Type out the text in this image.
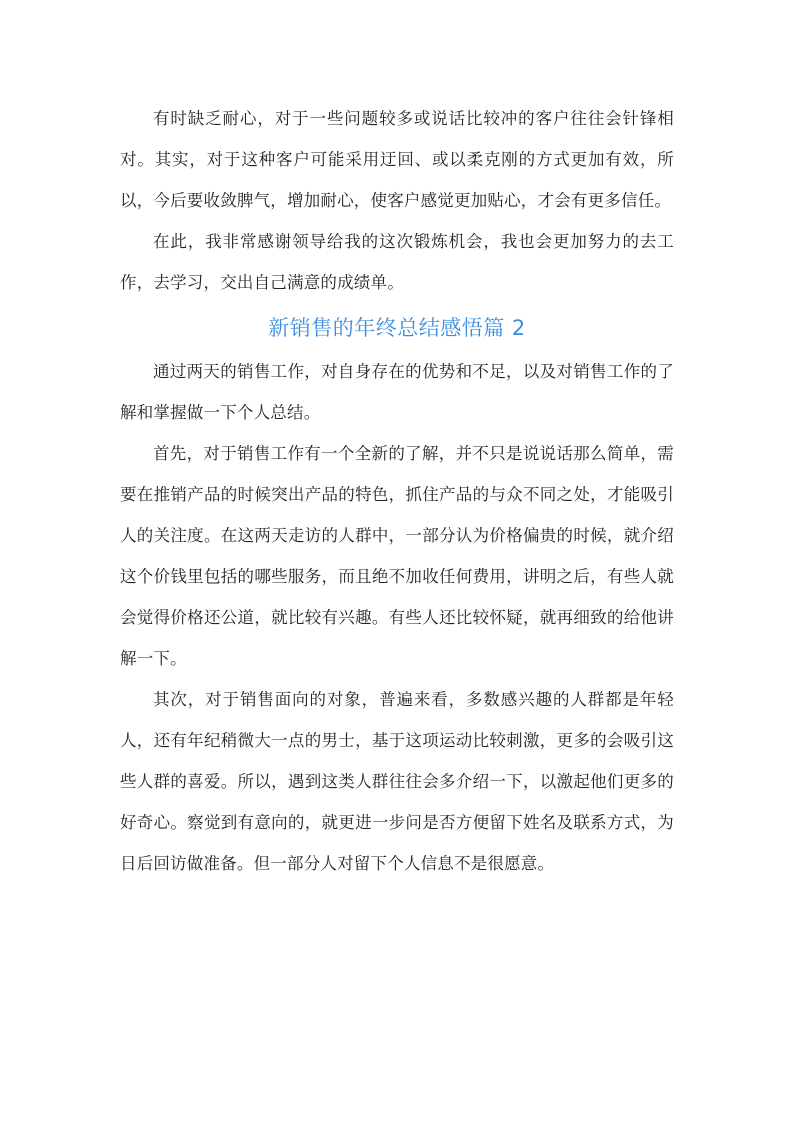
有时缺乏耐心，对于一些问题较多或说话比较冲的客户往往会针锋相对。其实，对于这种客户可能采用迂回、或以柔克刚的方式更加有效，所以，今后要收敛脾气，增加耐心，使客户感觉更加贴心，才会有更多信任。

在此，我非常感谢领导给我的这次锻炼机会，我也会更加努力的去工作，去学习，交出自己满意的成绩单。

新销售的年终总结感悟篇 2

通过两天的销售工作，对自身存在的优势和不足，以及对销售工作的了解和掌握做一下个人总结。

首先，对于销售工作有一个全新的了解，并不只是说说话那么简单，需要在推销产品的时候突出产品的特色，抓住产品的与众不同之处，才能吸引人的关注度。在这两天走访的人群中，一部分认为价格偏贵的时候，就介绍这个价钱里包括的哪些服务，而且绝不加收任何费用，讲明之后，有些人就会觉得价格还公道，就比较有兴趣。有些人还比较怀疑，就再细致的给他讲解一下。

其次，对于销售面向的对象，普遍来看，多数感兴趣的人群都是年轻人，还有年纪稍微大一点的男士，基于这项运动比较刺激，更多的会吸引这些人群的喜爱。所以，遇到这类人群往往会多介绍一下，以激起他们更多的好奇心。察觉到有意向的，就更进一步问是否方便留下姓名及联系方式，为日后回访做准备。但一部分人对留下个人信息不是很愿意。
